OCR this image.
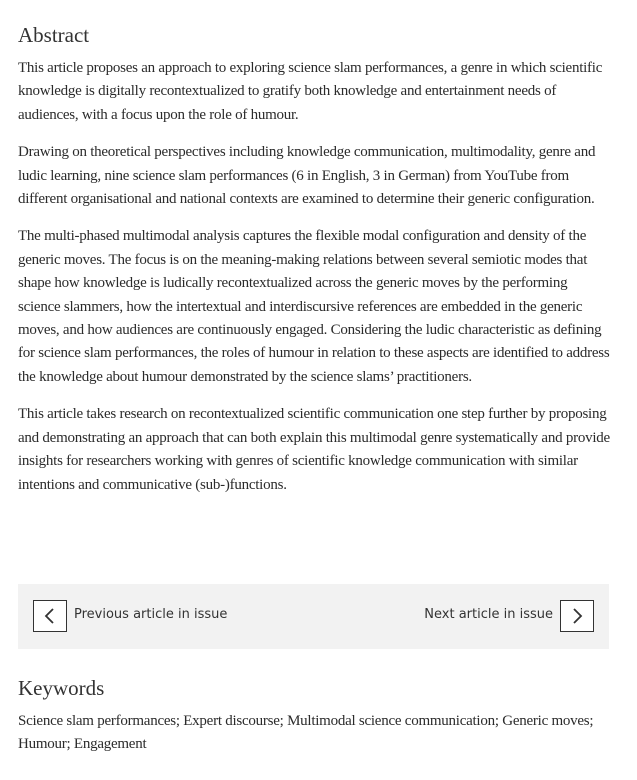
Abstract

This article proposes an approach to exploring science slam performances, a genre in which scientific knowledge is digitally recontextualized to gratify both knowledge and entertainment needs of audiences, with a focus upon the role of humour.

Drawing on theoretical perspectives including knowledge communication, multimodality, genre and ludic learning, nine science slam performances (6 in English, 3 in German) from YouTube from different organisational and national contexts are examined to determine their generic configuration.

The multi-phased multimodal analysis captures the flexible modal configuration and density of the generic moves. The focus is on the meaning-making relations between several semiotic modes that shape how knowledge is ludically recontextualized across the generic moves by the performing science slammers, how the intertextual and interdiscursive references are embedded in the generic moves, and how audiences are continuously engaged. Considering the ludic characteristic as defining for science slam performances, the roles of humour in relation to these aspects are identified to address the knowledge about humour demonstrated by the science slams’ practitioners.

This article takes research on recontextualized scientific communication one step further by proposing and demonstrating an approach that can both explain this multimodal genre systematically and provide insights for researchers working with genres of scientific knowledge communication with similar intentions and communicative (sub-)functions.

Previous article in issue	Next article in issue
Keywords
Science slam performances; Expert discourse; Multimodal science communication; Generic moves; Humour; Engagement
